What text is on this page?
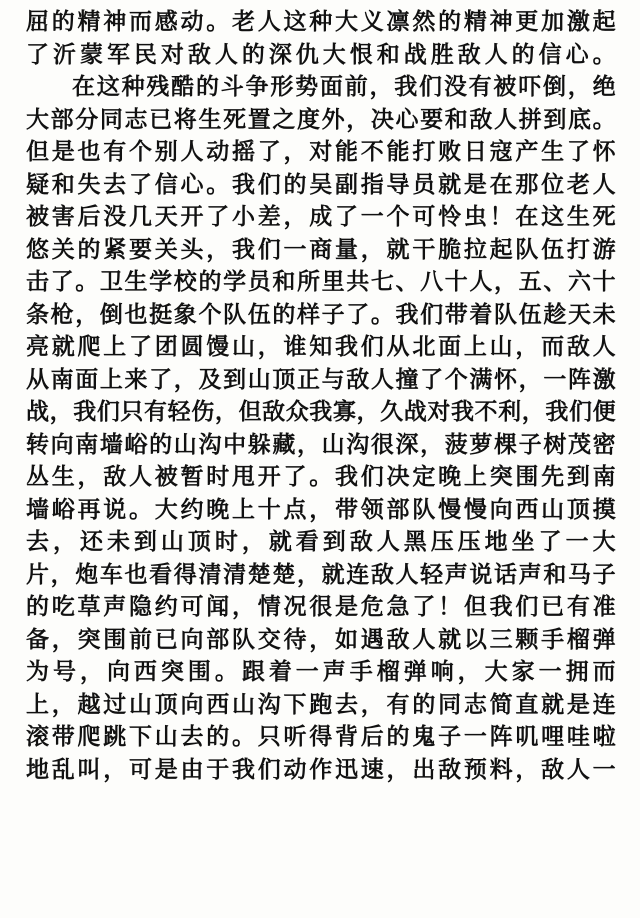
屈的精神而感动。老人这种大义凛然的精神更加激起
了沂蒙军民对敌人的深仇大恨和战胜敌人的信心。
在这种残酷的斗争形势面前，我们没有被吓倒，绝
大部分同志已将生死置之度外，决心要和敌人拼到底。
但是也有个别人动摇了，对能不能打败日寇产生了怀
疑和失去了信心。我们的吴副指导员就是在那位老人
被害后没几天开了小差，成了一个可怜虫！在这生死
悠关的紧要关头，我们一商量，就干脆拉起队伍打游
击了。卫生学校的学员和所里共七、八十人，五、六十
条枪，倒也挺象个队伍的样子了。我们带着队伍趁天未
亮就爬上了团圆馒山，谁知我们从北面上山，而敌人
从南面上来了，及到山顶正与敌人撞了个满怀，一阵激
战，我们只有轻伤，但敌众我寡，久战对我不利，我们便
转向南墙峪的山沟中躲藏，山沟很深，菠萝棵子树茂密
丛生，敌人被暂时甩开了。我们决定晚上突围先到南
墙峪再说。大约晚上十点，带领部队慢慢向西山顶摸
去，还未到山顶时，就看到敌人黑压压地坐了一大
片，炮车也看得清清楚楚，就连敌人轻声说话声和马子
的吃草声隐约可闻，情况很是危急了！但我们已有准
备，突围前已向部队交待，如遇敌人就以三颗手榴弹
为号，向西突围。跟着一声手榴弹响，大家一拥而
上，越过山顶向西山沟下跑去，有的同志简直就是连
滚带爬跳下山去的。只听得背后的鬼子一阵叽哩哇啦
地乱叫，可是由于我们动作迅速，出敌预料，敌人一
